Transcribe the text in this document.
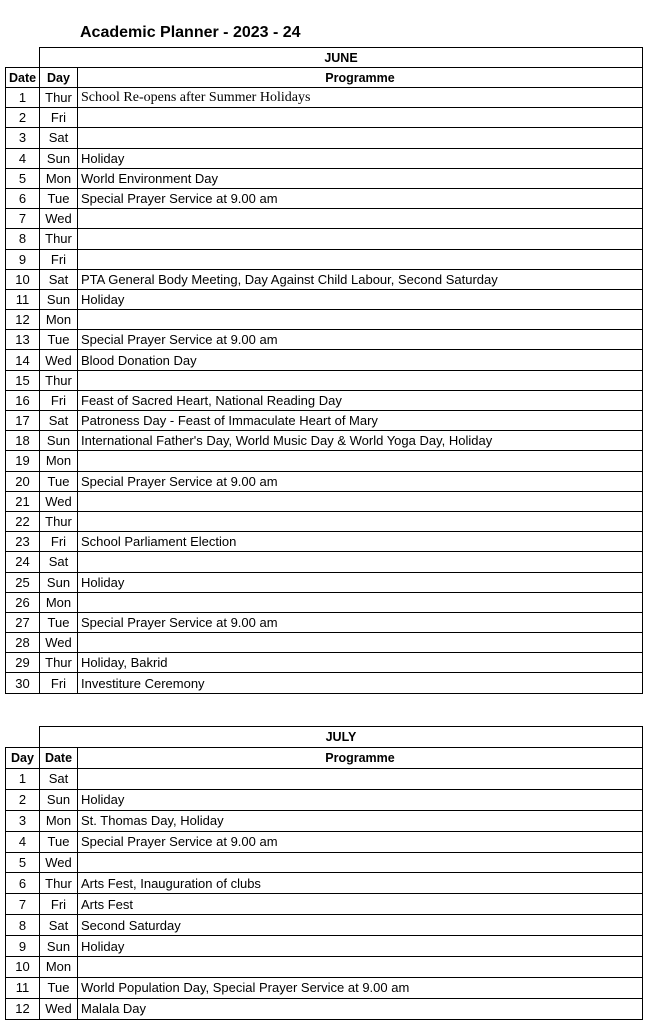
Academic Planner - 2023 - 24
	JUNE	
Date	Day	Programme
1	Thur	School Re-opens after Summer Holidays
2	Fri	
3	Sat	
4	Sun	Holiday
5	Mon	World Environment Day
6	Tue	Special Prayer Service at 9.00 am
7	Wed	
8	Thur	
9	Fri	
10	Sat	PTA General Body Meeting, Day Against Child Labour, Second Saturday
11	Sun	Holiday
12	Mon	
13	Tue	Special Prayer Service at 9.00 am
14	Wed	Blood Donation Day
15	Thur	
16	Fri	Feast of Sacred Heart, National Reading Day
17	Sat	Patroness Day - Feast of Immaculate Heart of Mary
18	Sun	International Father's Day, World Music Day & World Yoga Day, Holiday
19	Mon	
20	Tue	Special Prayer Service at 9.00 am
21	Wed	
22	Thur	
23	Fri	School Parliament Election
24	Sat	
25	Sun	Holiday
26	Mon	
27	Tue	Special Prayer Service at 9.00 am
28	Wed	
29	Thur	Holiday, Bakrid
30	Fri	Investiture Ceremony
	JULY	
Day	Date	Programme
1	Sat	
2	Sun	Holiday
3	Mon	St. Thomas Day, Holiday
4	Tue	Special Prayer Service at 9.00 am
5	Wed	
6	Thur	Arts Fest, Inauguration of clubs
7	Fri	Arts Fest
8	Sat	Second Saturday
9	Sun	Holiday
10	Mon	
11	Tue	World Population Day, Special Prayer Service at 9.00 am
12	Wed	Malala Day
